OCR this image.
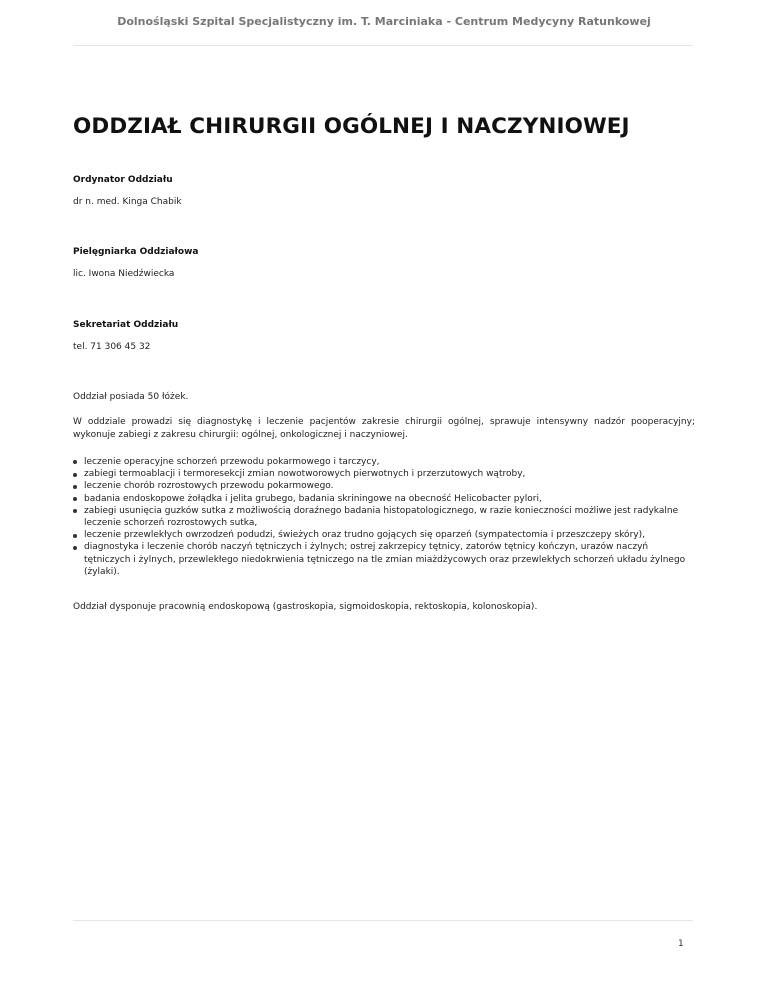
Dolnośląski Szpital Specjalistyczny im. T. Marciniaka - Centrum Medycyny Ratunkowej
ODDZIAŁ CHIRURGII OGÓLNEJ I NACZYNIOWEJ
Ordynator Oddziału
dr n. med. Kinga Chabik
Pielęgniarka Oddziałowa
lic. Iwona Niedźwiecka
Sekretariat Oddziału
tel. 71 306 45 32

Oddział posiada 50 łóżek.

W oddziale prowadzi się diagnostykę i leczenie pacjentów zakresie chirurgii ogólnej, sprawuje intensywny nadzór pooperacyjny; wykonuje zabiegi z zakresu chirurgii: ogólnej, onkologicznej i naczyniowej.

leczenie operacyjne schorzeń przewodu pokarmowego i tarczycy,
zabiegi termoablacji i termoresekcji zmian nowotworowych pierwotnych i przerzutowych wątroby,
leczenie chorób rozrostowych przewodu pokarmowego.
badania endoskopowe żołądka i jelita grubego, badania skriningowe na obecność Helicobacter pylori,
zabiegi usunięcia guzków sutka z możliwością doraźnego badania histopatologicznego, w razie konieczności możliwe jest radykalne leczenie schorzeń rozrostowych sutka,
leczenie przewlekłych owrzodzeń podudzi, świeżych oraz trudno gojących się oparzeń (sympatectomia i przeszczepy skóry),
diagnostyka i leczenie chorób naczyń tętniczych i żylnych; ostrej zakrzepicy tętnicy, zatorów tętnicy kończyn, urazów naczyń tętniczych i żylnych, przewlekłego niedokrwienia tętniczego na tle zmian miażdżycowych oraz przewlekłych schorzeń układu żylnego (żylaki).

Oddział dysponuje pracownią endoskopową (gastroskopia, sigmoidoskopia, rektoskopia, kolonoskopia).

1
